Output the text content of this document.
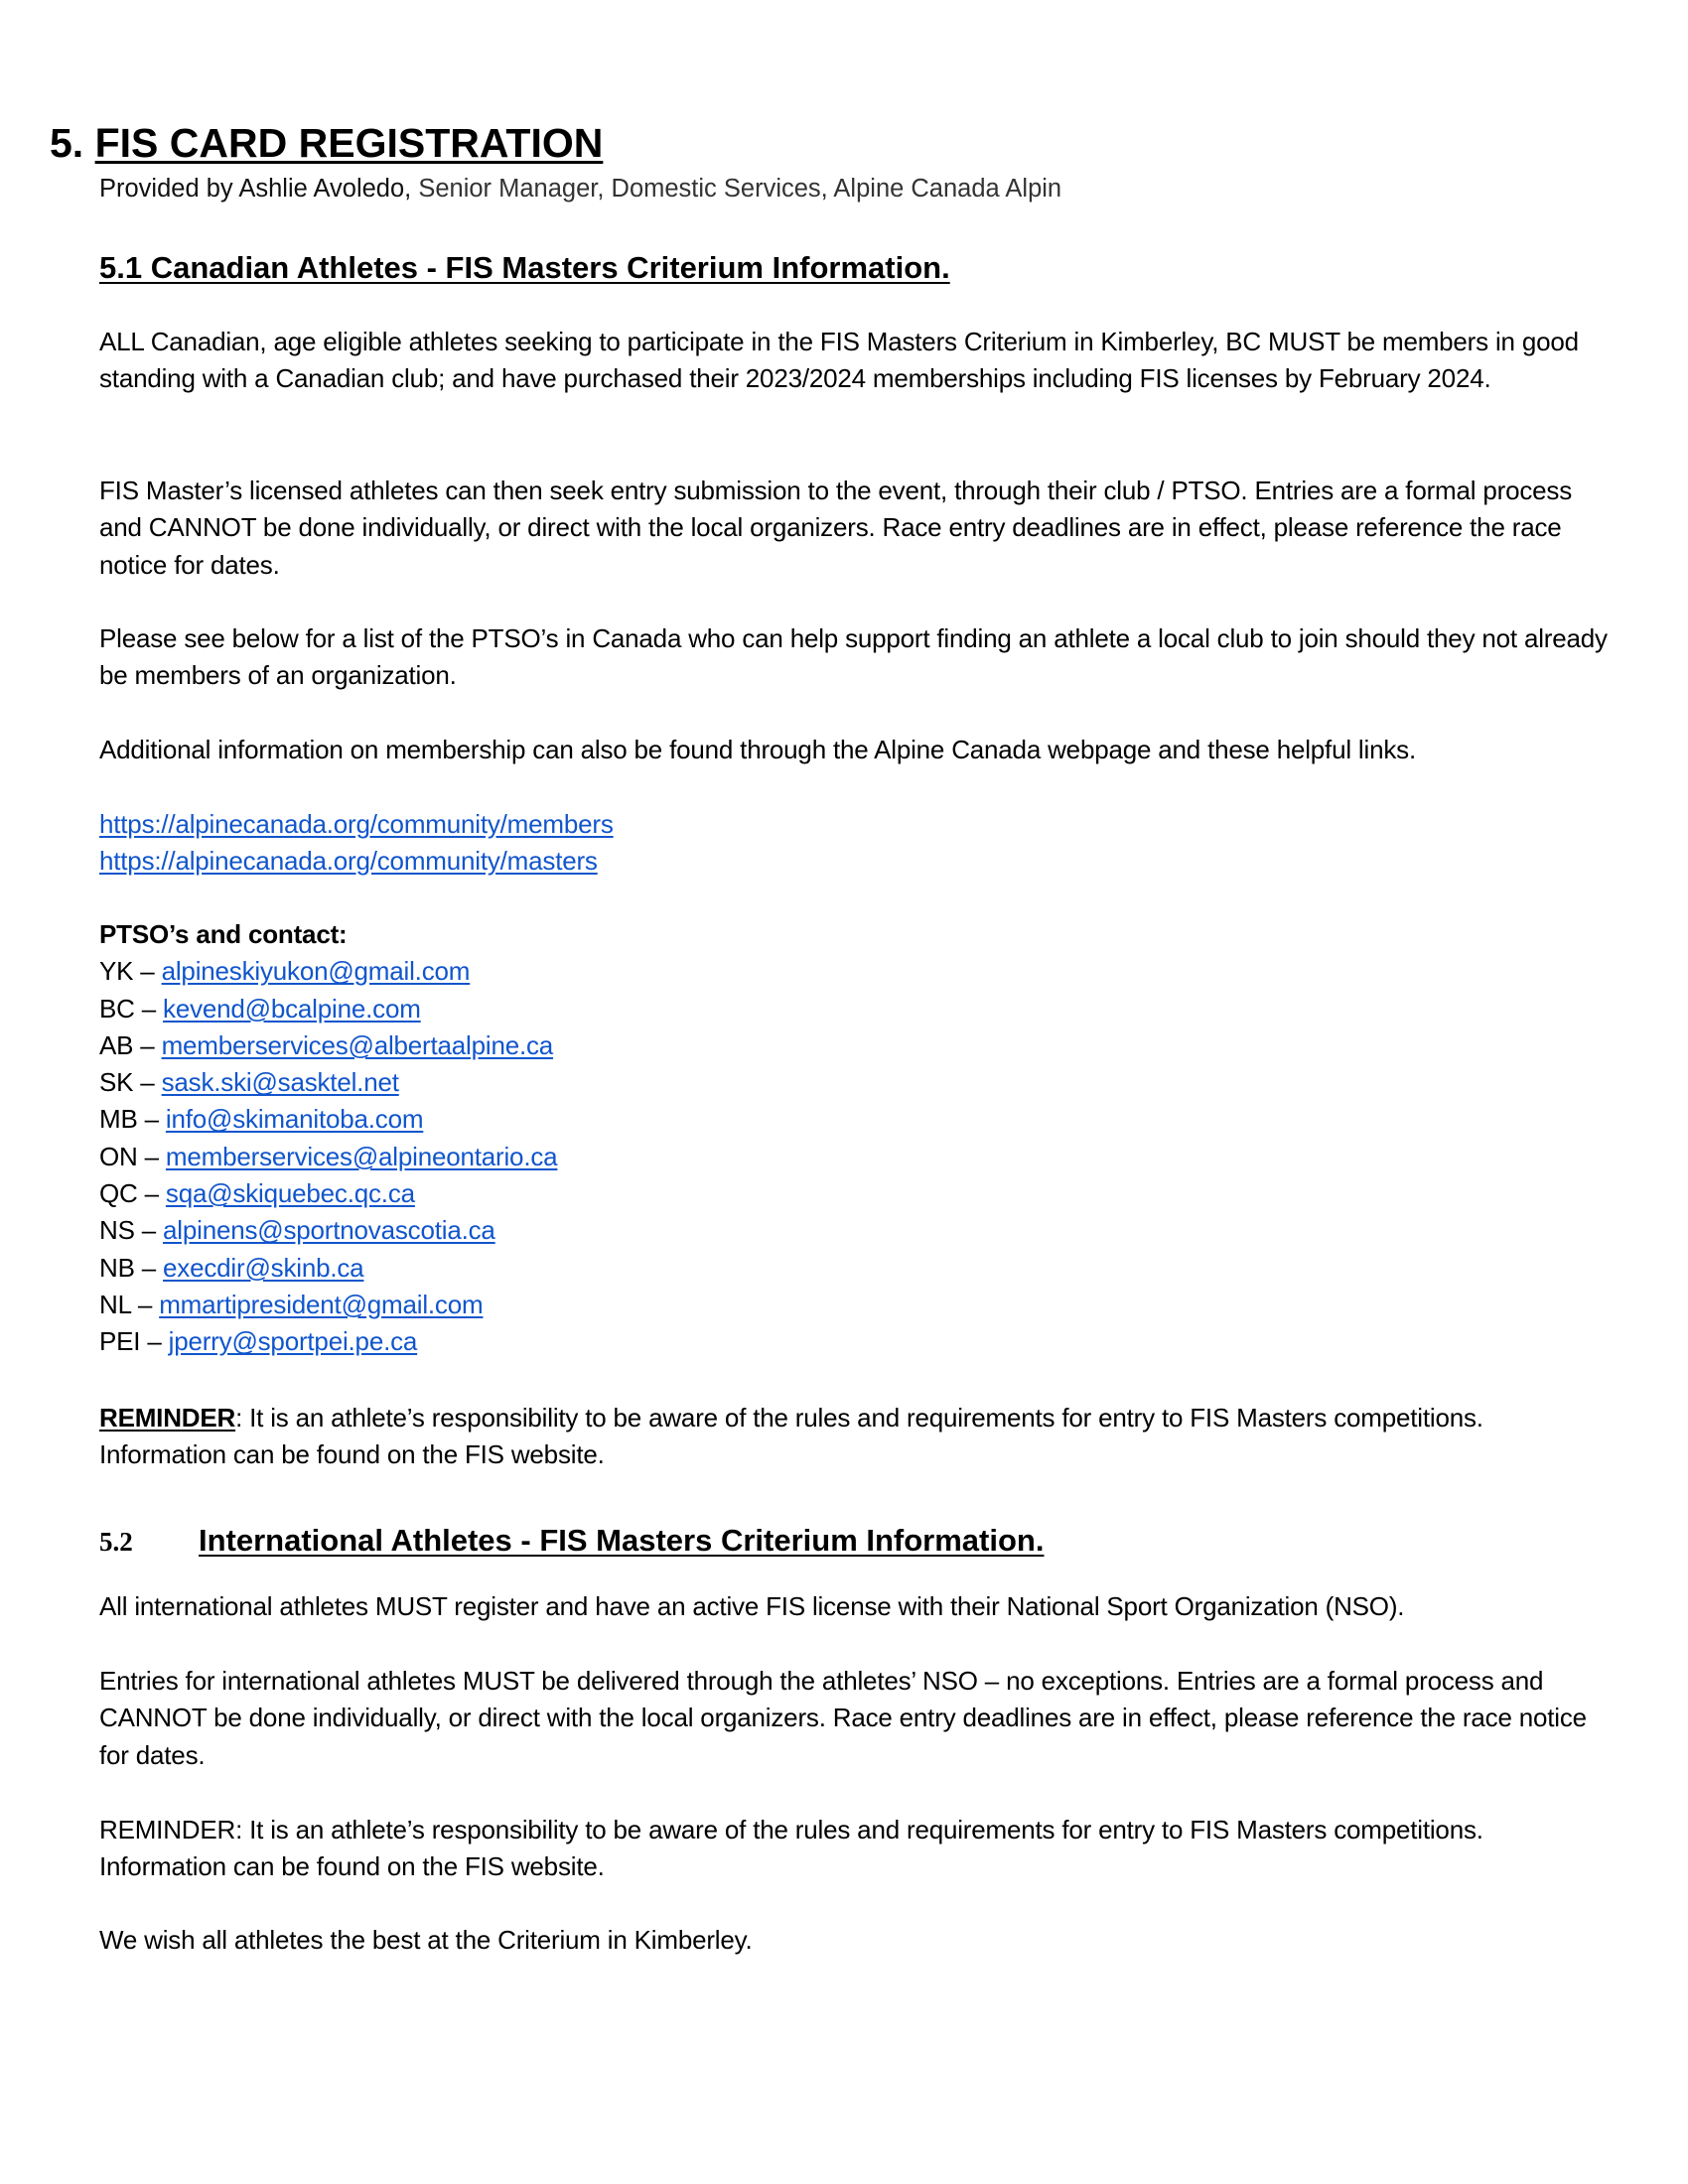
5. FIS CARD REGISTRATION
Provided by Ashlie Avoledo, Senior Manager, Domestic Services, Alpine Canada Alpin
5.1 Canadian Athletes - FIS Masters Criterium Information.

ALL Canadian, age eligible athletes seeking to participate in the FIS Masters Criterium in Kimberley, BC MUST be members in good standing with a Canadian club; and have purchased their 2023/2024 memberships including FIS licenses by February 2024.

FIS Master’s licensed athletes can then seek entry submission to the event, through their club / PTSO. Entries are a formal process and CANNOT be done individually, or direct with the local organizers. Race entry deadlines are in effect, please reference the race notice for dates.

Please see below for a list of the PTSO’s in Canada who can help support finding an athlete a local club to join should they not already be members of an organization.

Additional information on membership can also be found through the Alpine Canada webpage and these helpful links.

https://alpinecanada.org/community/members
https://alpinecanada.org/community/masters

PTSO’s and contact:
YK – alpineskiyukon@gmail.com
BC – kevend@bcalpine.com
AB – memberservices@albertaalpine.ca
SK – sask.ski@sasktel.net
MB – info@skimanitoba.com
ON – memberservices@alpineontario.ca
QC – sqa@skiquebec.qc.ca
NS – alpinens@sportnovascotia.ca
NB – execdir@skinb.ca
NL – mmartipresident@gmail.com
PEI – jperry@sportpei.pe.ca

REMINDER: It is an athlete’s responsibility to be aware of the rules and requirements for entry to FIS Masters competitions. Information can be found on the FIS website.

5.2 International Athletes - FIS Masters Criterium Information.

All international athletes MUST register and have an active FIS license with their National Sport Organization (NSO).

Entries for international athletes MUST be delivered through the athletes’ NSO – no exceptions. Entries are a formal process and CANNOT be done individually, or direct with the local organizers. Race entry deadlines are in effect, please reference the race notice for dates.

REMINDER: It is an athlete’s responsibility to be aware of the rules and requirements for entry to FIS Masters competitions. Information can be found on the FIS website.

We wish all athletes the best at the Criterium in Kimberley.
